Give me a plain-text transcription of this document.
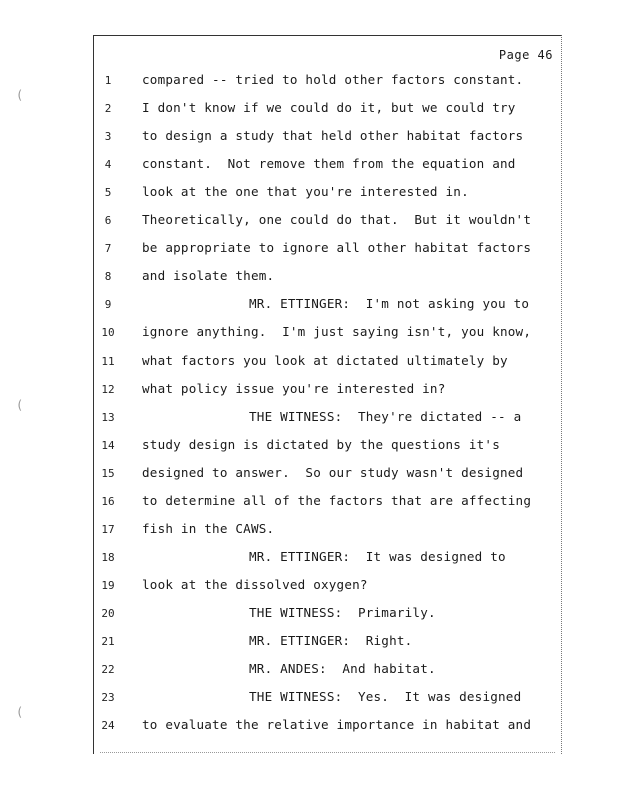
(
(
(
Page 46
1	compared -- tried to hold other factors constant.
2	I don't know if we could do it, but we could try
3	to design a study that held other habitat factors
4	constant.  Not remove them from the equation and
5	look at the one that you're interested in.
6	Theoretically, one could do that.  But it wouldn't
7	be appropriate to ignore all other habitat factors
8	and isolate them.
9	MR. ETTINGER:  I'm not asking you to
10	ignore anything.  I'm just saying isn't, you know,
11	what factors you look at dictated ultimately by
12	what policy issue you're interested in?
13	THE WITNESS:  They're dictated -- a
14	study design is dictated by the questions it's
15	designed to answer.  So our study wasn't designed
16	to determine all of the factors that are affecting
17	fish in the CAWS.
18	MR. ETTINGER:  It was designed to
19	look at the dissolved oxygen?
20	THE WITNESS:  Primarily.
21	MR. ETTINGER:  Right.
22	MR. ANDES:  And habitat.
23	THE WITNESS:  Yes.  It was designed
24	to evaluate the relative importance in habitat and
